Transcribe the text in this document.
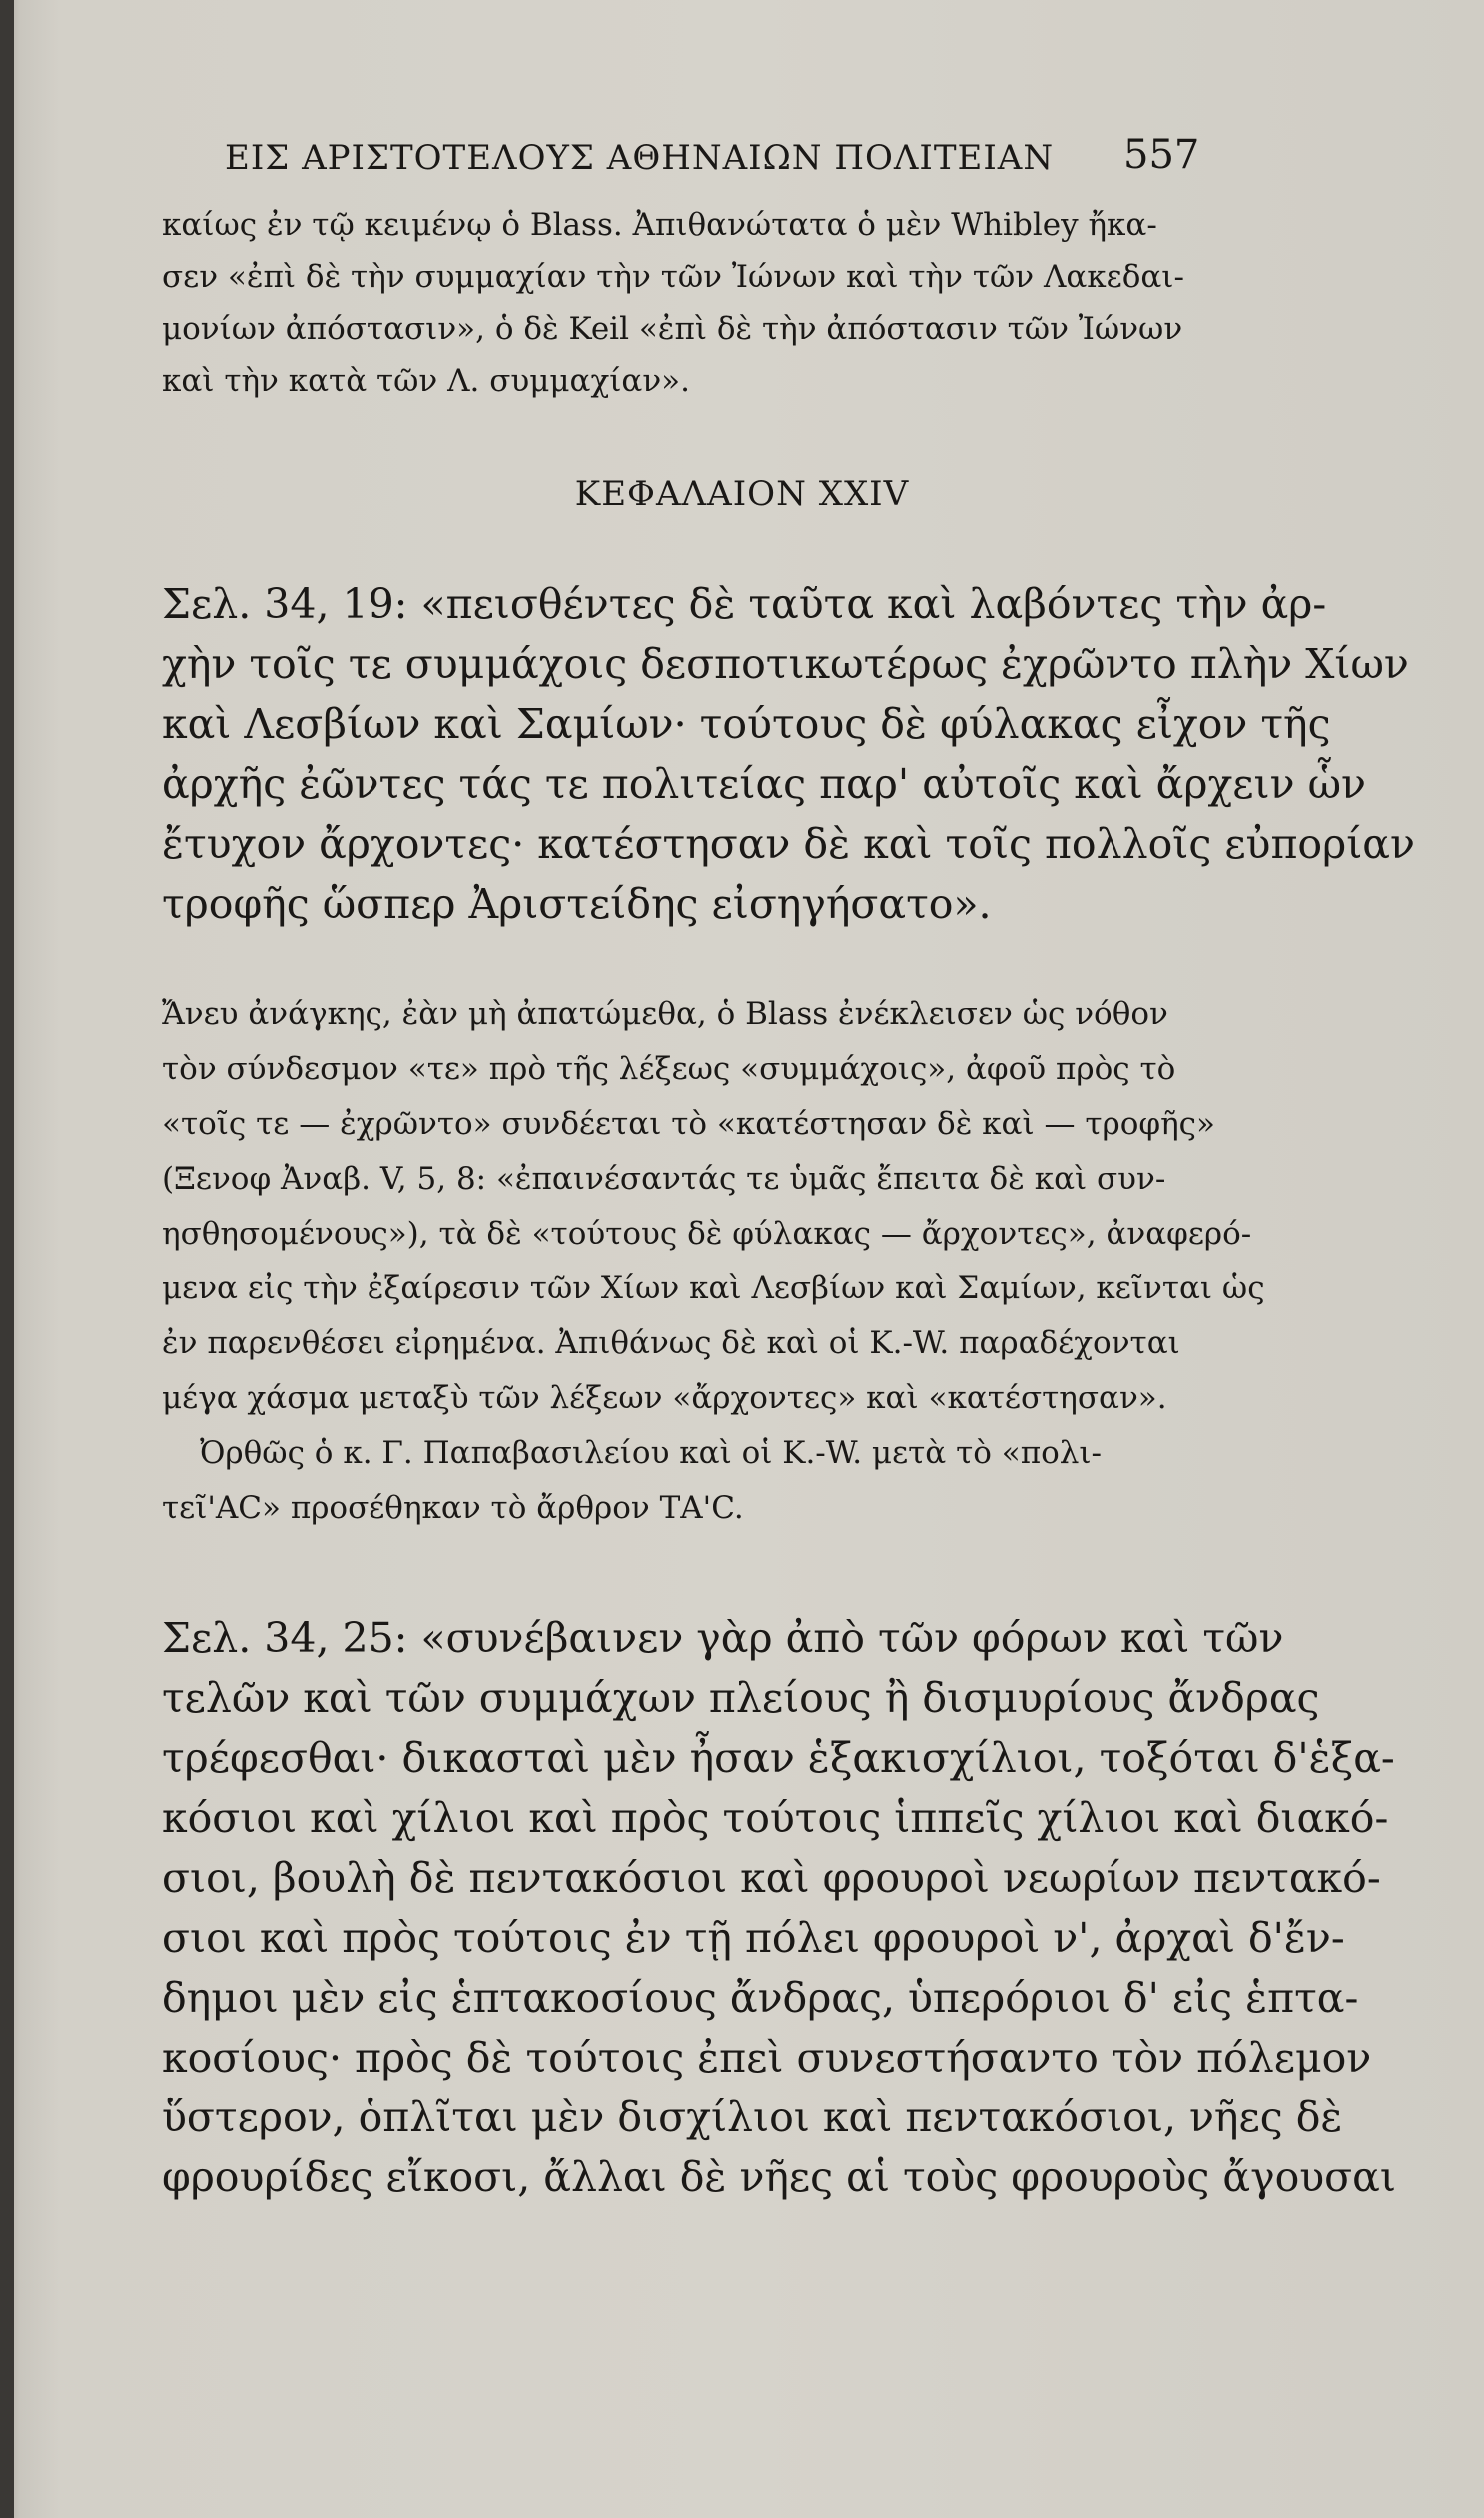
ΕΙΣ ΑΡΙΣΤΟΤΕΛΟΥΣ ΑΘΗΝΑΙΩΝ ΠΟΛΙΤΕΙΑΝ	557
καίως ἐν τῷ κειμένῳ ὁ Blass. Ἀπιθανώτατα ὁ μὲν Whibley ἤκα-
σεν «ἐπὶ δὲ τὴν συμμαχίαν τὴν τῶν Ἰώνων καὶ τὴν τῶν Λακεδαι-
μονίων ἀπόστασιν», ὁ δὲ Keil «ἐπὶ δὲ τὴν ἀπόστασιν τῶν Ἰώνων
καὶ τὴν κατὰ τῶν Λ. συμμαχίαν».
ΚΕΦΑΛΑΙΟΝ XXIV
Σελ. 34, 19: «πεισθέντες δὲ ταῦτα καὶ λαβόντες τὴν ἀρ-
χὴν τοῖς τε συμμάχοις δεσποτικωτέρως ἐχρῶντο πλὴν Χίων
καὶ Λεσβίων καὶ Σαμίων· τούτους δὲ φύλακας εἶχον τῆς
ἀρχῆς ἐῶντες τάς τε πολιτείας παρ' αὐτοῖς καὶ ἄρχειν ὧν
ἔτυχον ἄρχοντες· κατέστησαν δὲ καὶ τοῖς πολλοῖς εὐπορίαν
τροφῆς ὥσπερ Ἀριστείδης εἰσηγήσατο».
Ἄνευ ἀνάγκης, ἐὰν μὴ ἀπατώμεθα, ὁ Blass ἐνέκλεισεν ὡς νόθον
τὸν σύνδεσμον «τε» πρὸ τῆς λέξεως «συμμάχοις», ἀφοῦ πρὸς τὸ
«τοῖς τε — ἐχρῶντο» συνδέεται τὸ «κατέστησαν δὲ καὶ — τροφῆς»
(Ξενοφ Ἀναβ. V, 5, 8: «ἐπαινέσαντάς τε ὑμᾶς ἔπειτα δὲ καὶ συν-
ησθησομένους»), τὰ δὲ «τούτους δὲ φύλακας — ἄρχοντες», ἀναφερό-
μενα εἰς τὴν ἐξαίρεσιν τῶν Χίων καὶ Λεσβίων καὶ Σαμίων, κεῖνται ὡς
ἐν παρενθέσει εἰρημένα. Ἀπιθάνως δὲ καὶ οἱ Κ.-W. παραδέχονται
μέγα χάσμα μεταξὺ τῶν λέξεων «ἄρχοντες» καὶ «κατέστησαν».
Ὀρθῶς ὁ κ. Γ. Παπαβασιλείου καὶ οἱ Κ.-W. μετὰ τὸ «πολι-
τεῖ'ΑC» προσέθηκαν τὸ ἄρθρον ΤΑ'C.
Σελ. 34, 25: «συνέβαινεν γὰρ ἀπὸ τῶν φόρων καὶ τῶν
τελῶν καὶ τῶν συμμάχων πλείους ἢ δισμυρίους ἄνδρας
τρέφεσθαι· δικασταὶ μὲν ἦσαν ἑξακισχίλιοι, τοξόται δ'ἑξα-
κόσιοι καὶ χίλιοι καὶ πρὸς τούτοις ἱππεῖς χίλιοι καὶ διακό-
σιοι, βουλὴ δὲ πεντακόσιοι καὶ φρουροὶ νεωρίων πεντακό-
σιοι καὶ πρὸς τούτοις ἐν τῇ πόλει φρουροὶ ν', ἀρχαὶ δ'ἔν-
δημοι μὲν εἰς ἑπτακοσίους ἄνδρας, ὑπερόριοι δ' εἰς ἑπτα-
κοσίους· πρὸς δὲ τούτοις ἐπεὶ συνεστήσαντο τὸν πόλεμον
ὕστερον, ὁπλῖται μὲν δισχίλιοι καὶ πεντακόσιοι, νῆες δὲ
φρουρίδες εἴκοσι, ἄλλαι δὲ νῆες αἱ τοὺς φρουροὺς ἄγουσαι
